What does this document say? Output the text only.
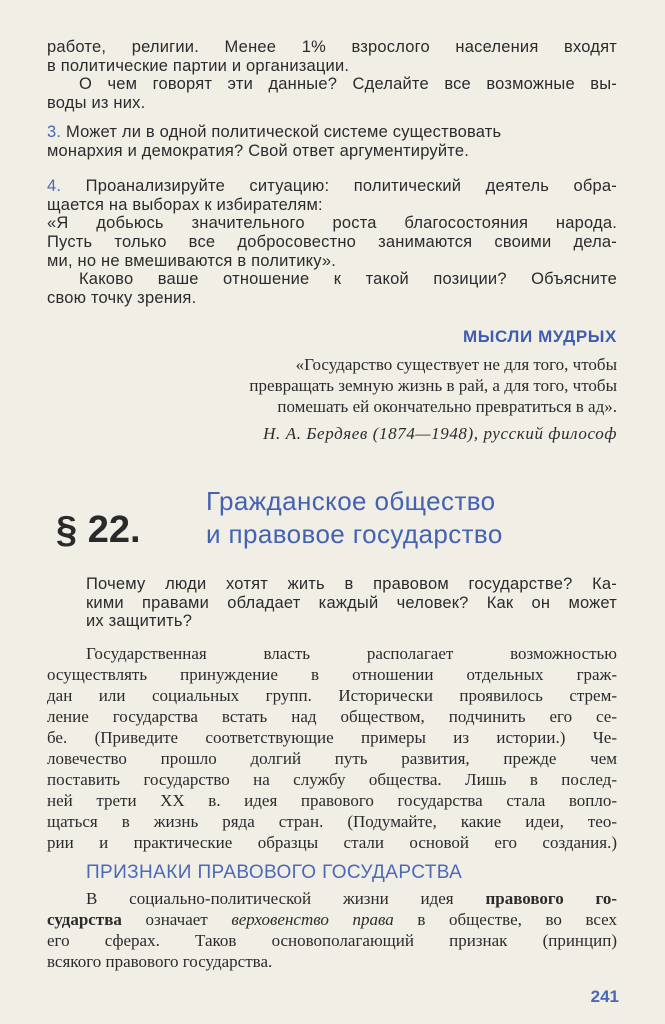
работе, религии. Менее 1% взрослого населения входят
в политические партии и организации.
О чем говорят эти данные? Сделайте все возможные вы-
воды из них.
3. Может ли в одной политической системе существовать
монархия и демократия? Свой ответ аргументируйте.
4. Проанализируйте ситуацию: политический деятель обра-
щается на выборах к избирателям:
«Я добьюсь значительного роста благосостояния народа.
Пусть только все добросовестно занимаются своими дела-
ми, но не вмешиваются в политику».
Каково ваше отношение к такой позиции? Объясните
свою точку зрения.
МЫСЛИ МУДРЫХ
«Государство существует не для того, чтобы
превращать земную жизнь в рай, а для того, чтобы
помешать ей окончательно превратиться в ад».
Н. А. Бердяев (1874—1948), русский философ
§ 22.
Гражданское общество
и правовое государство
Почему люди хотят жить в правовом государстве? Ка-
кими правами обладает каждый человек? Как он может
их защитить?
Государственная власть располагает возможностью
осуществлять принуждение в отношении отдельных граж-
дан или социальных групп. Исторически проявилось стрем-
ление государства встать над обществом, подчинить его се-
бе. (Приведите соответствующие примеры из истории.) Че-
ловечество прошло долгий путь развития, прежде чем
поставить государство на службу общества. Лишь в послед-
ней трети XX в. идея правового государства стала вопло-
щаться в жизнь ряда стран. (Подумайте, какие идеи, тео-
рии и практические образцы стали основой его создания.)
ПРИЗНАКИ ПРАВОВОГО ГОСУДАРСТВА
В социально-политической жизни идея правового го-
сударства означает верховенство права в обществе, во всех
его сферах. Таков основополагающий признак (принцип)
всякого правового государства.
241
